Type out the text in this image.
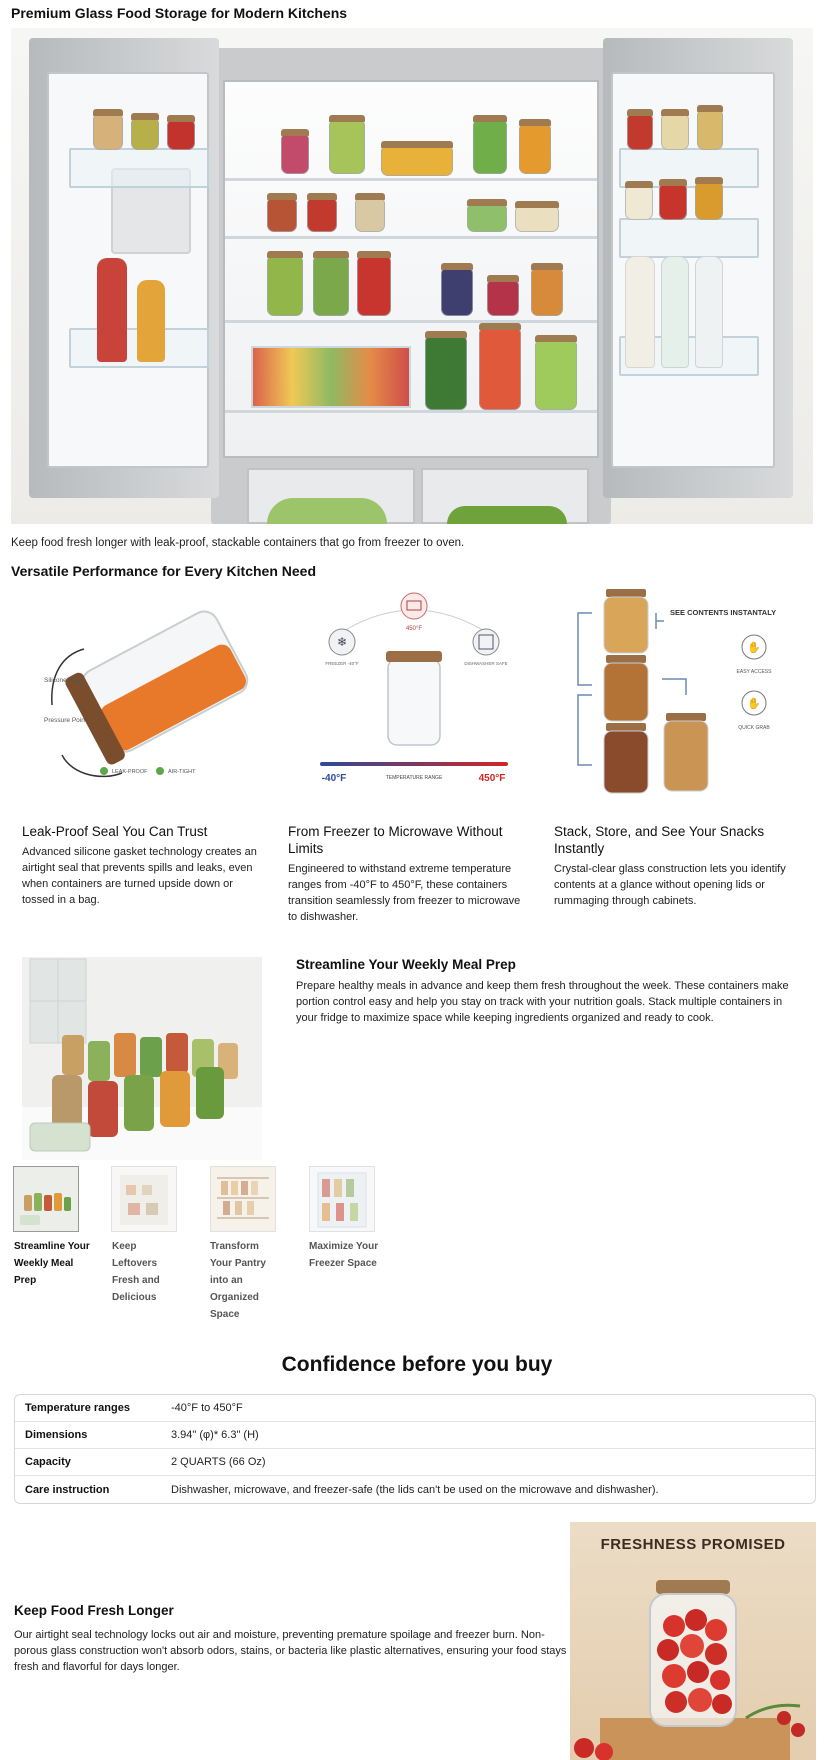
Premium Glass Food Storage for Modern Kitchens

Keep food fresh longer with leak-proof, stackable containers that go from freezer to oven.

Versatile Performance for Every Kitchen Need
Silicone Seal
Pressure Point
LEAK-PROOF	AIR-TIGHT
450°F
❄
FREEZER -40°F	DISHWASHER SAFE
-40°F	TEMPERATURE RANGE	450°F
SEE CONTENTS INSTANTALY
✋
EASY ACCESS
✋
QUICK GRAB
Leak-Proof Seal You Can Trust
Advanced silicone gasket technology creates an airtight seal that prevents spills and leaks, even when containers are turned upside down or tossed in a bag.
From Freezer to Microwave Without Limits
Engineered to withstand extreme temperature ranges from -40°F to 450°F, these containers transition seamlessly from freezer to microwave to dishwasher.
Stack, Store, and See Your Snacks Instantly
Crystal-clear glass construction lets you identify contents at a glance without opening lids or rummaging through cabinets.
Streamline Your Weekly Meal Prep

Prepare healthy meals in advance and keep them fresh throughout the week. These containers make portion control easy and help you stay on track with your nutrition goals. Stack multiple containers in your fridge to maximize space while keeping ingredients organized and ready to cook.

Streamline Your Weekly Meal Prep
Keep Leftovers Fresh and Delicious
Transform Your Pantry into an Organized Space
Maximize Your Freezer Space
Confidence before you buy
Temperature ranges	-40°F to 450°F
Dimensions	3.94" (φ)* 6.3" (H)
Capacity	2 QUARTS (66 Oz)
Care instruction	Dishwasher, microwave, and freezer-safe (the lids can't be used on the microwave and dishwasher).
Keep Food Fresh Longer

Our airtight seal technology locks out air and moisture, preventing premature spoilage and freezer burn. Non-porous glass construction won't absorb odors, stains, or bacteria like plastic alternatives, ensuring your food stays fresh and flavorful for days longer.

FRESHNESS PROMISED
